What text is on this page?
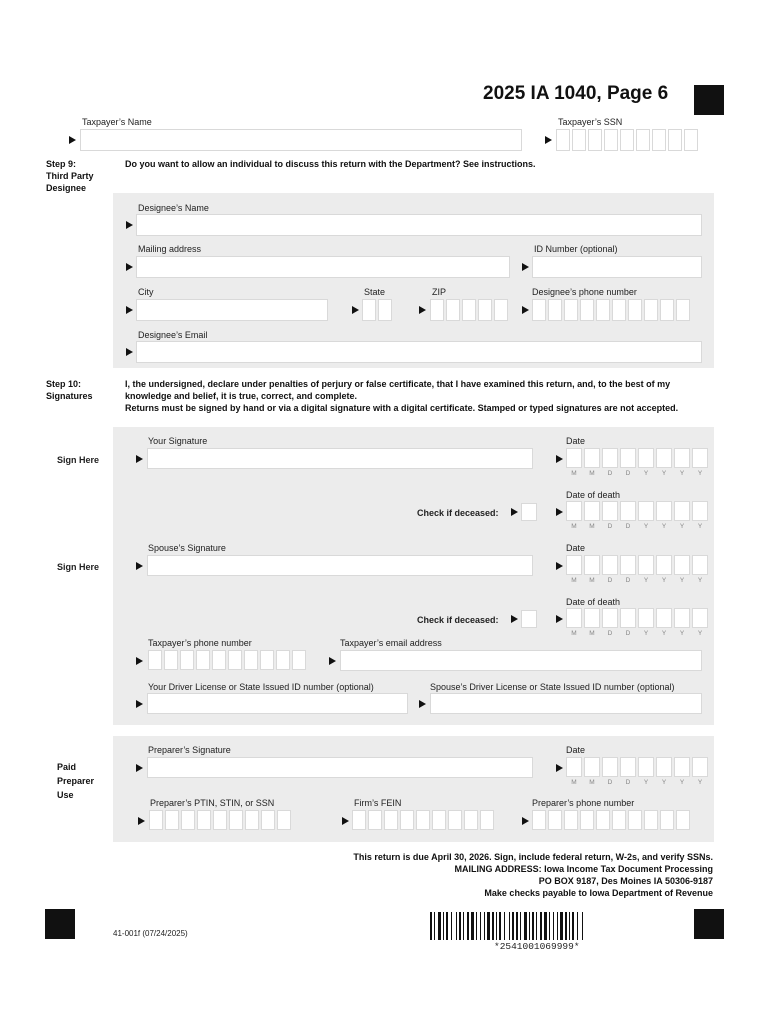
2025 IA 1040, Page 6
Taxpayer’s Name	Taxpayer’s SSN
Step 9:
Third Party
Designee
Do you want to allow an individual to discuss this return with the Department? See instructions.
Designee’s Name
Mailing address	ID Number (optional)
City	State	ZIP	Designee’s phone number
Designee’s Email
Step 10:
Signatures
I, the undersigned, declare under penalties of perjury or false certificate, that I have examined this return, and, to the best of my knowledge and belief, it is true, correct, and complete.
Returns must be signed by hand or via a digital signature with a digital certificate. Stamped or typed signatures are not accepted.
Sign Here
Your Signature	Date
M	M	D	D	Y	Y	Y	Y
Date of death
Check if deceased:
M	M	D	D	Y	Y	Y	Y
Sign Here
Spouse’s Signature	Date
M	M	D	D	Y	Y	Y	Y
Date of death
Check if deceased:
M	M	D	D	Y	Y	Y	Y
Taxpayer’s phone number	Taxpayer’s email address
Your Driver License or State Issued ID number (optional)	Spouse’s Driver License or State Issued ID number (optional)
Paid
Preparer
Use
Preparer’s Signature	Date
M	M	D	D	Y	Y	Y	Y
Preparer’s PTIN, STIN, or SSN	Firm’s FEIN	Preparer’s phone number
This return is due April 30, 2026. Sign, include federal return, W-2s, and verify SSNs.
MAILING ADDRESS: Iowa Income Tax Document Processing
PO BOX 9187, Des Moines IA 50306-9187
Make checks payable to Iowa Department of Revenue
41-001f (07/24/2025)
*2541001069999*
